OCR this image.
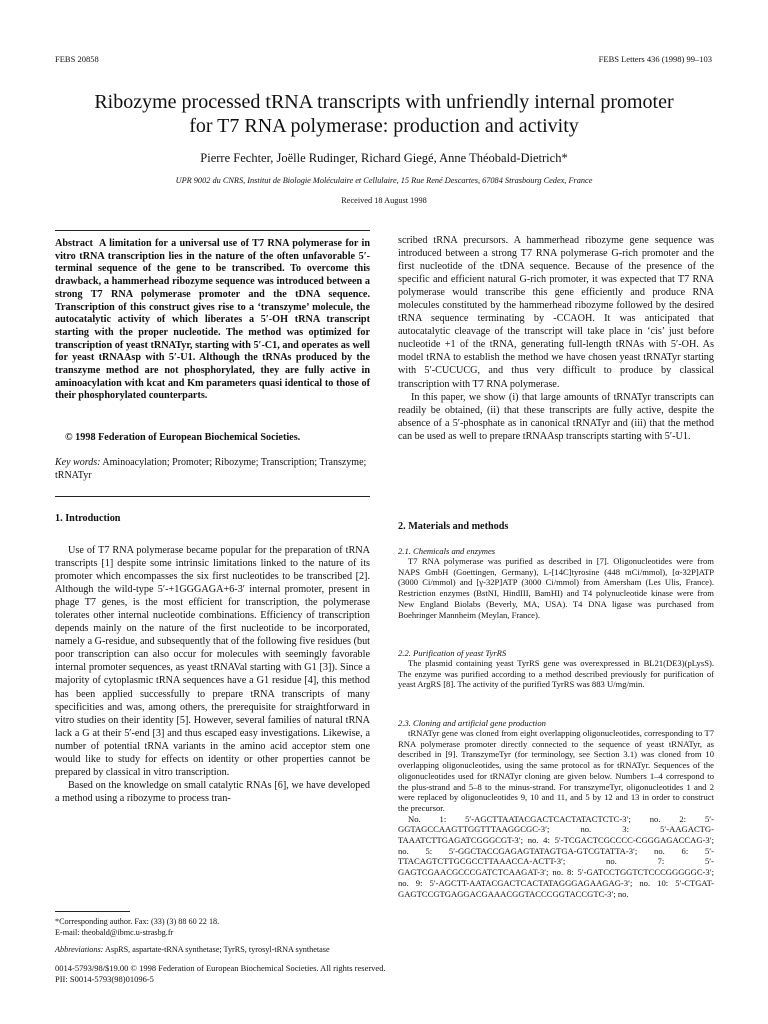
FEBS 20858	FEBS Letters 436 (1998) 99–103
Ribozyme processed tRNA transcripts with unfriendly internal promoter
for T7 RNA polymerase: production and activity
Pierre Fechter, Joëlle Rudinger, Richard Giegé, Anne Théobald-Dietrich*
UPR 9002 du CNRS, Institut de Biologie Moléculaire et Cellulaire, 15 Rue René Descartes, 67084 Strasbourg Cedex, France
Received 18 August 1998
Abstract A limitation for a universal use of T7 RNA polymerase for in vitro tRNA transcription lies in the nature of the often unfavorable 5′-terminal sequence of the gene to be transcribed. To overcome this drawback, a hammerhead ribozyme sequence was introduced between a strong T7 RNA polymerase promoter and the tDNA sequence. Transcription of this construct gives rise to a ‘transzyme’ molecule, the autocatalytic activity of which liberates a 5′-OH tRNA transcript starting with the proper nucleotide. The method was optimized for transcription of yeast tRNATyr, starting with 5′-C1, and operates as well for yeast tRNAAsp with 5′-U1. Although the tRNAs produced by the transzyme method are not phosphorylated, they are fully active in aminoacylation with kcat and Km parameters quasi identical to those of their phosphorylated counterparts.
© 1998 Federation of European Biochemical Societies.
Key words: Aminoacylation; Promoter; Ribozyme; Transcription; Transzyme; tRNATyr
1. Introduction

Use of T7 RNA polymerase became popular for the preparation of tRNA transcripts [1] despite some intrinsic limitations linked to the nature of its promoter which encompasses the six first nucleotides to be transcribed [2]. Although the wild-type 5′-+1GGGAGA+6-3′ internal promoter, present in phage T7 genes, is the most efficient for transcription, the polymerase tolerates other internal nucleotide combinations. Efficiency of transcription depends mainly on the nature of the first nucleotide to be incorporated, namely a G-residue, and subsequently that of the following five residues (but poor transcription can also occur for molecules with seemingly favorable internal promoter sequences, as yeast tRNAVal starting with G1 [3]). Since a majority of cytoplasmic tRNA sequences have a G1 residue [4], this method has been applied successfully to prepare tRNA transcripts of many specificities and was, among others, the prerequisite for straightforward in vitro studies on their identity [5]. However, several families of natural tRNA lack a G at their 5′-end [3] and thus escaped easy investigations. Likewise, a number of potential tRNA variants in the amino acid acceptor stem one would like to study for effects on identity or other properties cannot be prepared by classical in vitro transcription.

Based on the knowledge on small catalytic RNAs [6], we have developed a method using a ribozyme to process tran-

*Corresponding author. Fax: (33) (3) 88 60 22 18.
E-mail: theobald@ibmc.u-strasbg.fr
Abbreviations: AspRS, aspartate-tRNA synthetase; TyrRS, tyrosyl-tRNA synthetase

scribed tRNA precursors. A hammerhead ribozyme gene sequence was introduced between a strong T7 RNA polymerase G-rich promoter and the first nucleotide of the tDNA sequence. Because of the presence of the specific and efficient natural G-rich promoter, it was expected that T7 RNA polymerase would transcribe this gene efficiently and produce RNA molecules constituted by the hammerhead ribozyme followed by the desired tRNA sequence terminating by -CCAOH. It was anticipated that autocatalytic cleavage of the transcript will take place in ‘cis’ just before nucleotide +1 of the tRNA, generating full-length tRNAs with 5′-OH. As model tRNA to establish the method we have chosen yeast tRNATyr starting with 5′-CUCUCG, and thus very difficult to produce by classical transcription with T7 RNA polymerase.

In this paper, we show (i) that large amounts of tRNATyr transcripts can readily be obtained, (ii) that these transcripts are fully active, despite the absence of a 5′-phosphate as in canonical tRNATyr and (iii) that the method can be used as well to prepare tRNAAsp transcripts starting with 5′-U1.

2. Materials and methods
2.1. Chemicals and enzymes

T7 RNA polymerase was purified as described in [7]. Oligonucleotides were from NAPS GmbH (Goettingen, Germany), L-[14C]tyrosine (448 mCi/mmol), [α-32P]ATP (3000 Ci/mmol) and [γ-32P]ATP (3000 Ci/mmol) from Amersham (Les Ulis, France). Restriction enzymes (BstNI, HindIII, BamHI) and T4 polynucleotide kinase were from New England Biolabs (Beverly, MA, USA). T4 DNA ligase was purchased from Boehringer Mannheim (Meylan, France).

2.2. Purification of yeast TyrRS

The plasmid containing yeast TyrRS gene was overexpressed in BL21(DE3)(pLysS). The enzyme was purified according to a method described previously for purification of yeast ArgRS [8]. The activity of the purified TyrRS was 883 U/mg/min.

2.3. Cloning and artificial gene production

tRNATyr gene was cloned from eight overlapping oligonucleotides, corresponding to T7 RNA polymerase promoter directly connected to the sequence of yeast tRNATyr, as described in [9]. TranszymeTyr (for terminology, see Section 3.1) was cloned from 10 overlapping oligonucleotides, using the same protocol as for tRNATyr. Sequences of the oligonucleotides used for tRNATyr cloning are given below. Numbers 1–4 correspond to the plus-strand and 5–8 to the minus-strand. For transzymeTyr, oligonucleotides 1 and 2 were replaced by oligonucleotides 9, 10 and 11, and 5 by 12 and 13 in order to construct the precursor.

No. 1: 5′-AGCTTAATACGACTCACTATACTCTC-3′; no. 2: 5′-GGTAGCCAAGTTGGTTTAAGGCGC-3′; no. 3: 5′-AAGACTG-TAAATCTTGAGATCGGGCGT-3′; no. 4: 5′-TCGACTCGCCCC-CGGGAGACCAG-3′; no. 5: 5′-GGCTACCGAGAGTATAGTGA-GTCGTATTA-3′; no. 6: 5′-TTACAGTCTTGCGCCTTAAACCA-ACTT-3′; no. 7: 5′-GAGTCGAACGCCCGATCTCAAGAT-3′; no. 8: 5′-GATCCTGGTCTCCCGGGGGC-3′; no. 9: 5′-AGCTT-AATACGACTCACTATAGGGAGAAGAG-3′; no. 10: 5′-CTGAT-GAGTCCGTGAGGACGAAACGGTACCCGGTACCGTC-3′; no.

0014-5793/98/$19.00 © 1998 Federation of European Biochemical Societies. All rights reserved.
PII: S0014-5793(98)01096-5
